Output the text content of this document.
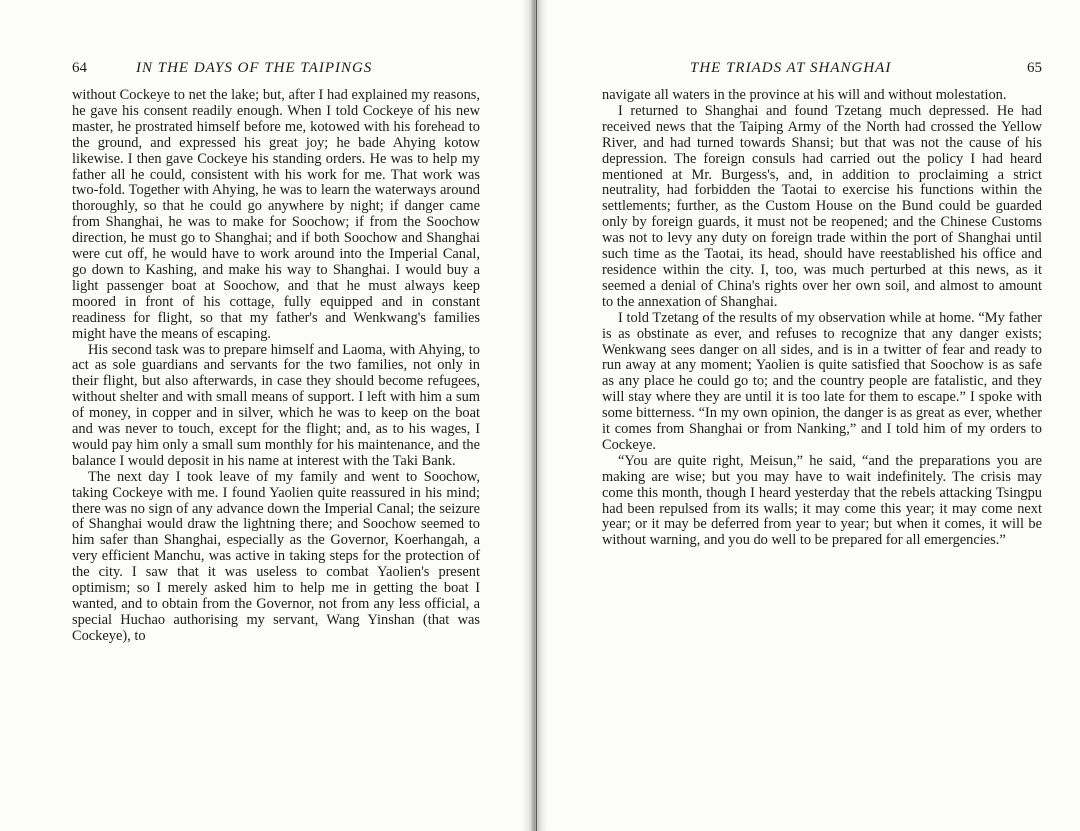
64	IN THE DAYS OF THE TAIPINGS

without Cockeye to net the lake; but, after I had explained my reasons, he gave his consent readily enough. When I told Cockeye of his new master, he prostrated himself before me, kotowed with his forehead to the ground, and expressed his great joy; he bade Ahying kotow likewise. I then gave Cockeye his standing orders. He was to help my father all he could, consistent with his work for me. That work was two-fold. Together with Ahying, he was to learn the waterways around thoroughly, so that he could go anywhere by night; if danger came from Shanghai, he was to make for Soochow; if from the Soochow direction, he must go to Shanghai; and if both Soochow and Shanghai were cut off, he would have to work around into the Imperial Canal, go down to Kashing, and make his way to Shanghai. I would buy a light passenger boat at Soochow, and that he must always keep moored in front of his cottage, fully equipped and in constant readiness for flight, so that my father's and Wenkwang's families might have the means of escaping.

His second task was to prepare himself and Laoma, with Ahying, to act as sole guardians and servants for the two families, not only in their flight, but also afterwards, in case they should become refugees, without shelter and with small means of support. I left with him a sum of money, in copper and in silver, which he was to keep on the boat and was never to touch, except for the flight; and, as to his wages, I would pay him only a small sum monthly for his maintenance, and the balance I would deposit in his name at interest with the Taki Bank.

The next day I took leave of my family and went to Soochow, taking Cockeye with me. I found Yaolien quite reassured in his mind; there was no sign of any advance down the Imperial Canal; the seizure of Shanghai would draw the lightning there; and Soochow seemed to him safer than Shanghai, especially as the Governor, Koerhangah, a very efficient Manchu, was active in taking steps for the protection of the city. I saw that it was useless to combat Yaolien's present optimism; so I merely asked him to help me in getting the boat I wanted, and to obtain from the Governor, not from any less official, a special Huchao authorising my servant, Wang Yinshan (that was Cockeye), to

THE TRIADS AT SHANGHAI	65

navigate all waters in the province at his will and without molestation.

I returned to Shanghai and found Tzetang much depressed. He had received news that the Taiping Army of the North had crossed the Yellow River, and had turned towards Shansi; but that was not the cause of his depression. The foreign consuls had carried out the policy I had heard mentioned at Mr. Burgess's, and, in addition to proclaiming a strict neutrality, had forbidden the Taotai to exercise his functions within the settlements; further, as the Custom House on the Bund could be guarded only by foreign guards, it must not be reopened; and the Chinese Customs was not to levy any duty on foreign trade within the port of Shanghai until such time as the Taotai, its head, should have reestablished his office and residence within the city. I, too, was much perturbed at this news, as it seemed a denial of China's rights over her own soil, and almost to amount to the annexation of Shanghai.

I told Tzetang of the results of my observation while at home. “My father is as obstinate as ever, and refuses to recognize that any danger exists; Wenkwang sees danger on all sides, and is in a twitter of fear and ready to run away at any moment; Yaolien is quite satisfied that Soochow is as safe as any place he could go to; and the country people are fatalistic, and they will stay where they are until it is too late for them to escape.” I spoke with some bitterness. “In my own opinion, the danger is as great as ever, whether it comes from Shanghai or from Nanking,” and I told him of my orders to Cockeye.

“You are quite right, Meisun,” he said, “and the preparations you are making are wise; but you may have to wait indefinitely. The crisis may come this month, though I heard yesterday that the rebels attacking Tsingpu had been repulsed from its walls; it may come this year; it may come next year; or it may be deferred from year to year; but when it comes, it will be without warning, and you do well to be prepared for all emergencies.”
